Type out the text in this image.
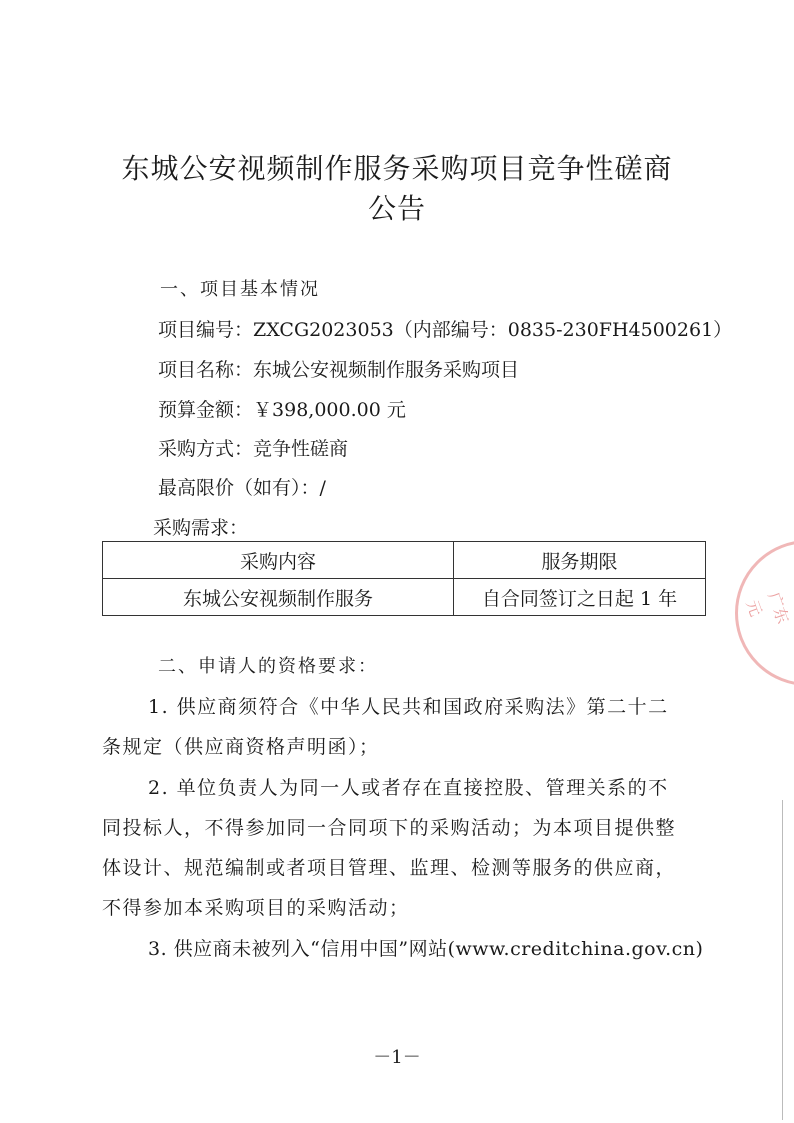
东城公安视频制作服务采购项目竞争性磋商
公告
一、项目基本情况
项目编号：ZXCG2023053（内部编号：0835-230FH4500261）
项目名称：东城公安视频制作服务采购项目
预算金额：￥398,000.00 元
采购方式：竞争性磋商
最高限价（如有）：/
采购需求：
采购内容	服务期限
东城公安视频制作服务	自合同签订之日起 1 年
二、申请人的资格要求：
1. 供应商须符合《中华人民共和国政府采购法》第二十二
条规定（供应商资格声明函）；
2. 单位负责人为同一人或者存在直接控股、管理关系的不
同投标人，不得参加同一合同项下的采购活动；为本项目提供整
体设计、规范编制或者项目管理、监理、检测等服务的供应商，
不得参加本采购项目的采购活动；
3. 供应商未被列入“信用中国”网站(www.creditchina.gov.cn)
广东元
－1－
